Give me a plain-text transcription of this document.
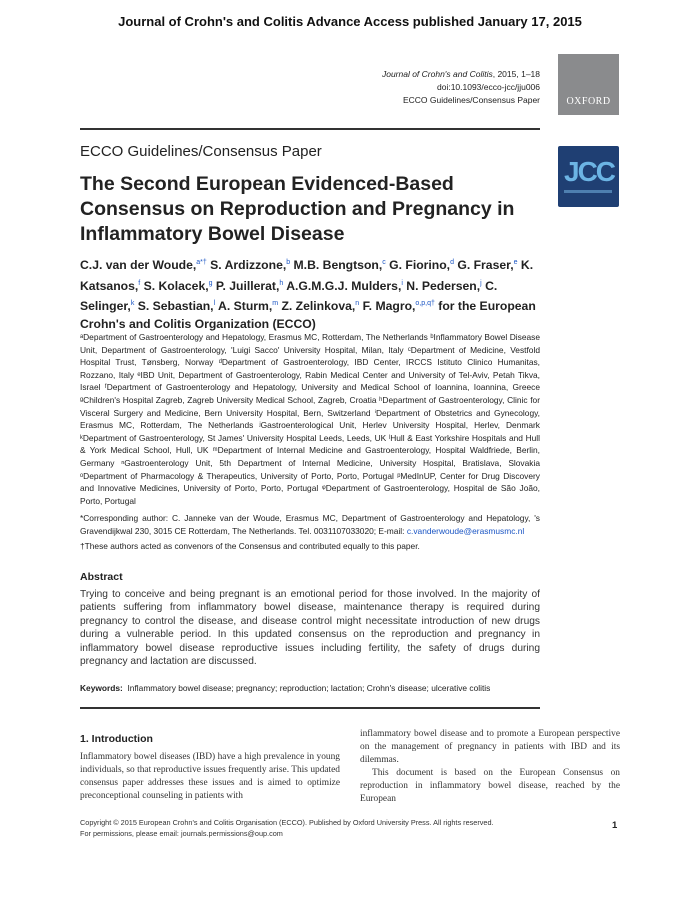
Journal of Crohn's and Colitis Advance Access published January 17, 2015
Journal of Crohn's and Colitis, 2015, 1–18
doi:10.1093/ecco-jcc/jju006
ECCO Guidelines/Consensus Paper	OXFORD
ECCO Guidelines/Consensus Paper
JCC
The Second European Evidenced-Based Consensus on Reproduction and Pregnancy in Inflammatory Bowel Disease
C.J. van der Woude,$^{a*\dagger}$ S. Ardizzone,$^b$ M.B. Bengtson,$^c$ G. Fiorino,$^d$ G. Fraser,$^e$ K. Katsanos,$^f$ S. Kolacek,$^g$ P. Juillerat,$^h$ A.G.M.G.J. Mulders,$^i$ N. Pedersen,$^j$ C. Selinger,$^k$ S. Sebastian,$^l$ A. Sturm,$^m$ Z. Zelinkova,$^n$ F. Magro,$^{o,p,q\dagger}$ for the European Crohn's and Colitis Organization (ECCO)
ᵃDepartment of Gastroenterology and Hepatology, Erasmus MC, Rotterdam, The Netherlands ᵇInflammatory Bowel Disease Unit, Department of Gastroenterology, 'Luigi Sacco' University Hospital, Milan, Italy ᶜDepartment of Medicine, Vestfold Hospital Trust, Tønsberg, Norway ᵈDepartment of Gastroenterology, IBD Center, IRCCS Istituto Clinico Humanitas, Rozzano, Italy ᵉIBD Unit, Department of Gastroenterology, Rabin Medical Center and University of Tel-Aviv, Petah Tikva, Israel ᶠDepartment of Gastroenterology and Hepatology, University and Medical School of Ioannina, Ioannina, Greece ᵍChildren's Hospital Zagreb, Zagreb University Medical School, Zagreb, Croatia ʰDepartment of Gastroenterology, Clinic for Visceral Surgery and Medicine, Bern University Hospital, Bern, Switzerland ⁱDepartment of Obstetrics and Gynecology, Erasmus MC, Rotterdam, The Netherlands ʲGastroenterological Unit, Herlev University Hospital, Herlev, Denmark ᵏDepartment of Gastroenterology, St James' University Hospital Leeds, Leeds, UK ˡHull & East Yorkshire Hospitals and Hull & York Medical School, Hull, UK ᵐDepartment of Internal Medicine and Gastroenterology, Hospital Waldfriede, Berlin, Germany ⁿGastroenterology Unit, 5th Department of Internal Medicine, University Hospital, Bratislava, Slovakia ᵒDepartment of Pharmacology & Therapeutics, University of Porto, Porto, Portugal ᵖMedInUP, Center for Drug Discovery and Innovative Medicines, University of Porto, Porto, Portugal ᵠDepartment of Gastroenterology, Hospital de São João, Porto, Portugal
*Corresponding author: C. Janneke van der Woude, Erasmus MC, Department of Gastroenterology and Hepatology, 's Gravendijkwal 230, 3015 CE Rotterdam, The Netherlands. Tel. 0031107033020; E-mail: c.vanderwoude@erasmusmc.nl
†These authors acted as convenors of the Consensus and contributed equally to this paper.
Abstract
Trying to conceive and being pregnant is an emotional period for those involved. In the majority of patients suffering from inflammatory bowel disease, maintenance therapy is required during pregnancy to control the disease, and disease control might necessitate introduction of new drugs during a vulnerable period. In this updated consensus on the reproduction and pregnancy in inflammatory bowel disease reproductive issues including fertility, the safety of drugs during pregnancy and lactation are discussed.
Keywords: Inflammatory bowel disease; pregnancy; reproduction; lactation; Crohn's disease; ulcerative colitis
1. Introduction
Inflammatory bowel diseases (IBD) have a high prevalence in young individuals, so that reproductive issues frequently arise. This updated consensus paper addresses these issues and is aimed to optimize preconceptional counseling in patients with
inflammatory bowel disease and to promote a European perspective on the management of pregnancy in patients with IBD and its dilemmas.
This document is based on the European Consensus on reproduction in inflammatory bowel disease, reached by the European
Copyright © 2015 European Crohn's and Colitis Organisation (ECCO). Published by Oxford University Press. All rights reserved.
For permissions, please email: journals.permissions@oup.com
1
